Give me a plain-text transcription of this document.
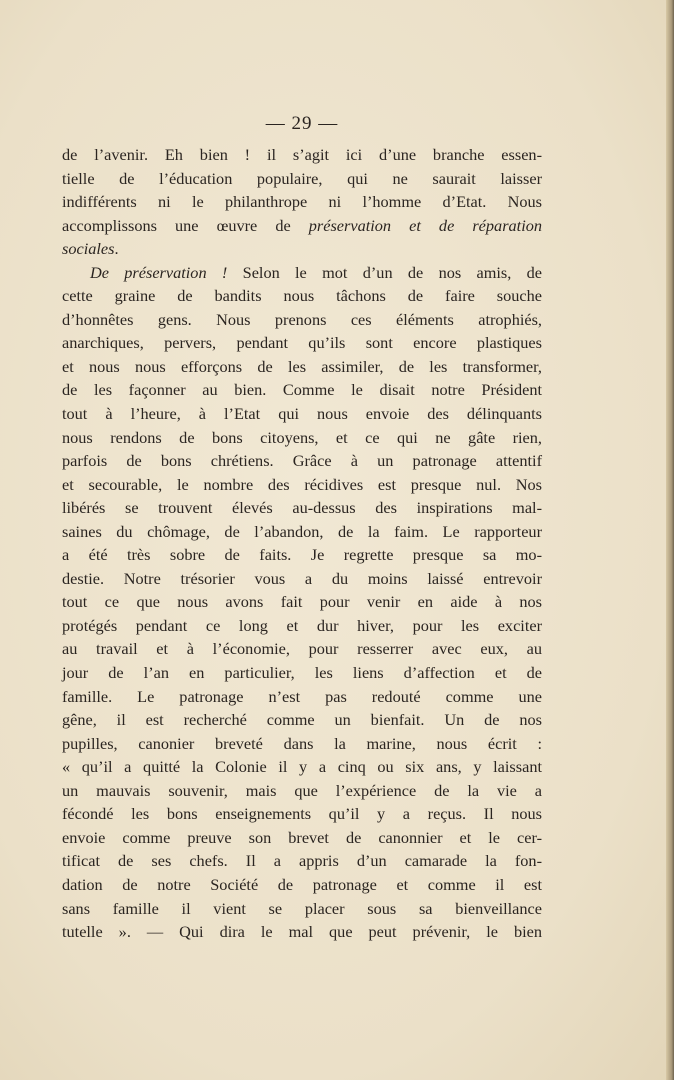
— 29 —
de l’avenir. Eh bien ! il s’agit ici d’une branche essen-
tielle de l’éducation populaire, qui ne saurait laisser
indifférents ni le philanthrope ni l’homme d’Etat. Nous
accomplissons une œuvre de préservation et de réparation
sociales.
De préservation ! Selon le mot d’un de nos amis, de
cette graine de bandits nous tâchons de faire souche
d’honnêtes gens. Nous prenons ces éléments atrophiés,
anarchiques, pervers, pendant qu’ils sont encore plastiques
et nous nous efforçons de les assimiler, de les transformer,
de les façonner au bien. Comme le disait notre Président
tout à l’heure, à l’Etat qui nous envoie des délinquants
nous rendons de bons citoyens, et ce qui ne gâte rien,
parfois de bons chrétiens. Grâce à un patronage attentif
et secourable, le nombre des récidives est presque nul. Nos
libérés se trouvent élevés au-dessus des inspirations mal-
saines du chômage, de l’abandon, de la faim. Le rapporteur
a été très sobre de faits. Je regrette presque sa mo-
destie. Notre trésorier vous a du moins laissé entrevoir
tout ce que nous avons fait pour venir en aide à nos
protégés pendant ce long et dur hiver, pour les exciter
au travail et à l’économie, pour resserrer avec eux, au
jour de l’an en particulier, les liens d’affection et de
famille. Le patronage n’est pas redouté comme une
gêne, il est recherché comme un bienfait. Un de nos
pupilles, canonier breveté dans la marine, nous écrit :
« qu’il a quitté la Colonie il y a cinq ou six ans, y laissant
un mauvais souvenir, mais que l’expérience de la vie a
fécondé les bons enseignements qu’il y a reçus. Il nous
envoie comme preuve son brevet de canonnier et le cer-
tificat de ses chefs. Il a appris d’un camarade la fon-
dation de notre Société de patronage et comme il est
sans famille il vient se placer sous sa bienveillance
tutelle ». — Qui dira le mal que peut prévenir, le bien
